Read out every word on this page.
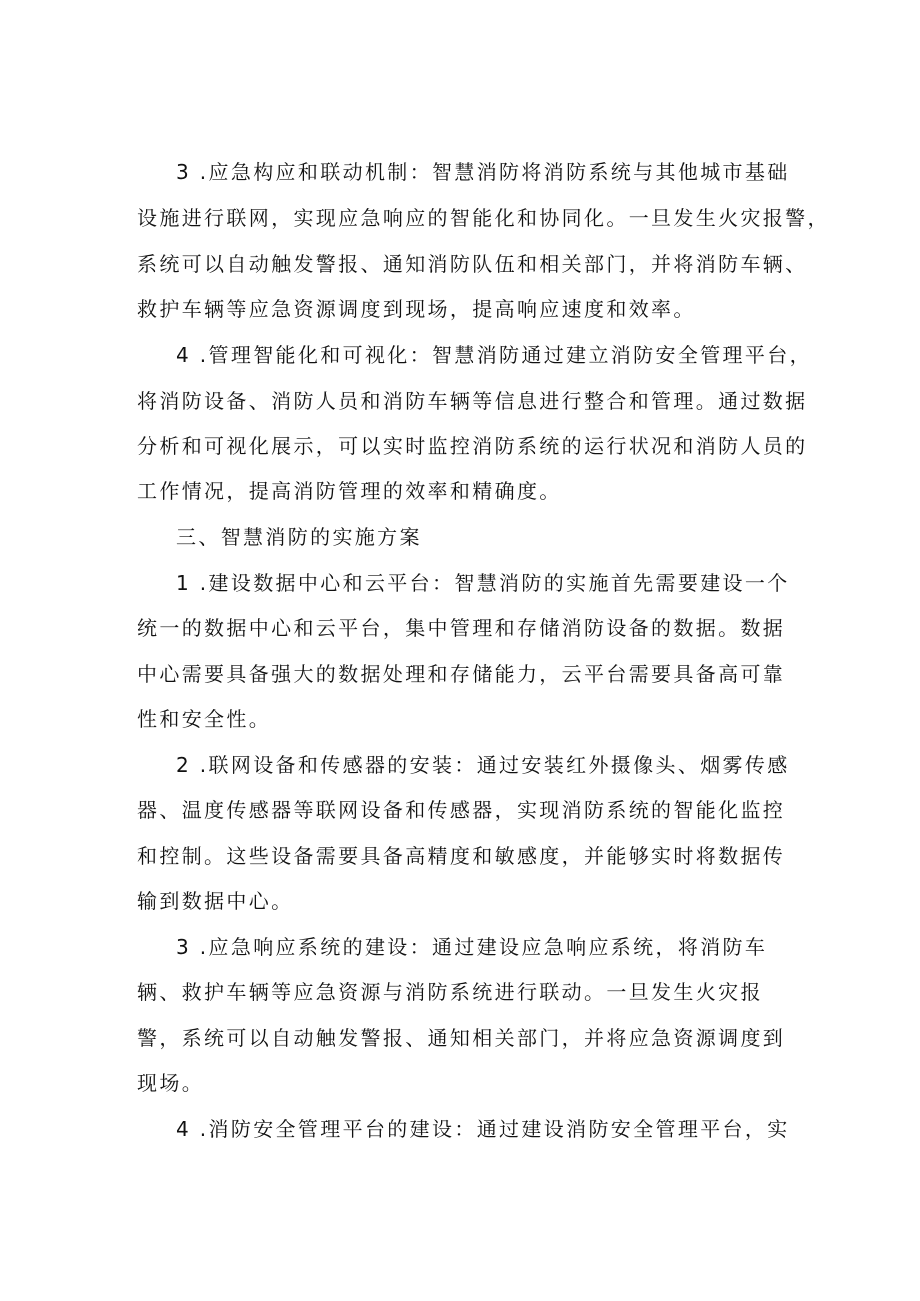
3 .应急构应和联动机制：智慧消防将消防系统与其他城市基础
设施进行联网，实现应急响应的智能化和协同化。一旦发生火灾报警，
系统可以自动触发警报、通知消防队伍和相关部门，并将消防车辆、
救护车辆等应急资源调度到现场，提高响应速度和效率。
4 .管理智能化和可视化：智慧消防通过建立消防安全管理平台，
将消防设备、消防人员和消防车辆等信息进行整合和管理。通过数据
分析和可视化展示，可以实时监控消防系统的运行状况和消防人员的
工作情况，提高消防管理的效率和精确度。
三、智慧消防的实施方案
1 .建设数据中心和云平台：智慧消防的实施首先需要建设一个
统一的数据中心和云平台，集中管理和存储消防设备的数据。数据
中心需要具备强大的数据处理和存储能力，云平台需要具备高可靠
性和安全性。
2 .联网设备和传感器的安装：通过安装红外摄像头、烟雾传感
器、温度传感器等联网设备和传感器，实现消防系统的智能化监控
和控制。这些设备需要具备高精度和敏感度，并能够实时将数据传
输到数据中心。
3 .应急响应系统的建设：通过建设应急响应系统，将消防车
辆、救护车辆等应急资源与消防系统进行联动。一旦发生火灾报
警，系统可以自动触发警报、通知相关部门，并将应急资源调度到
现场。
4 .消防安全管理平台的建设：通过建设消防安全管理平台，实
